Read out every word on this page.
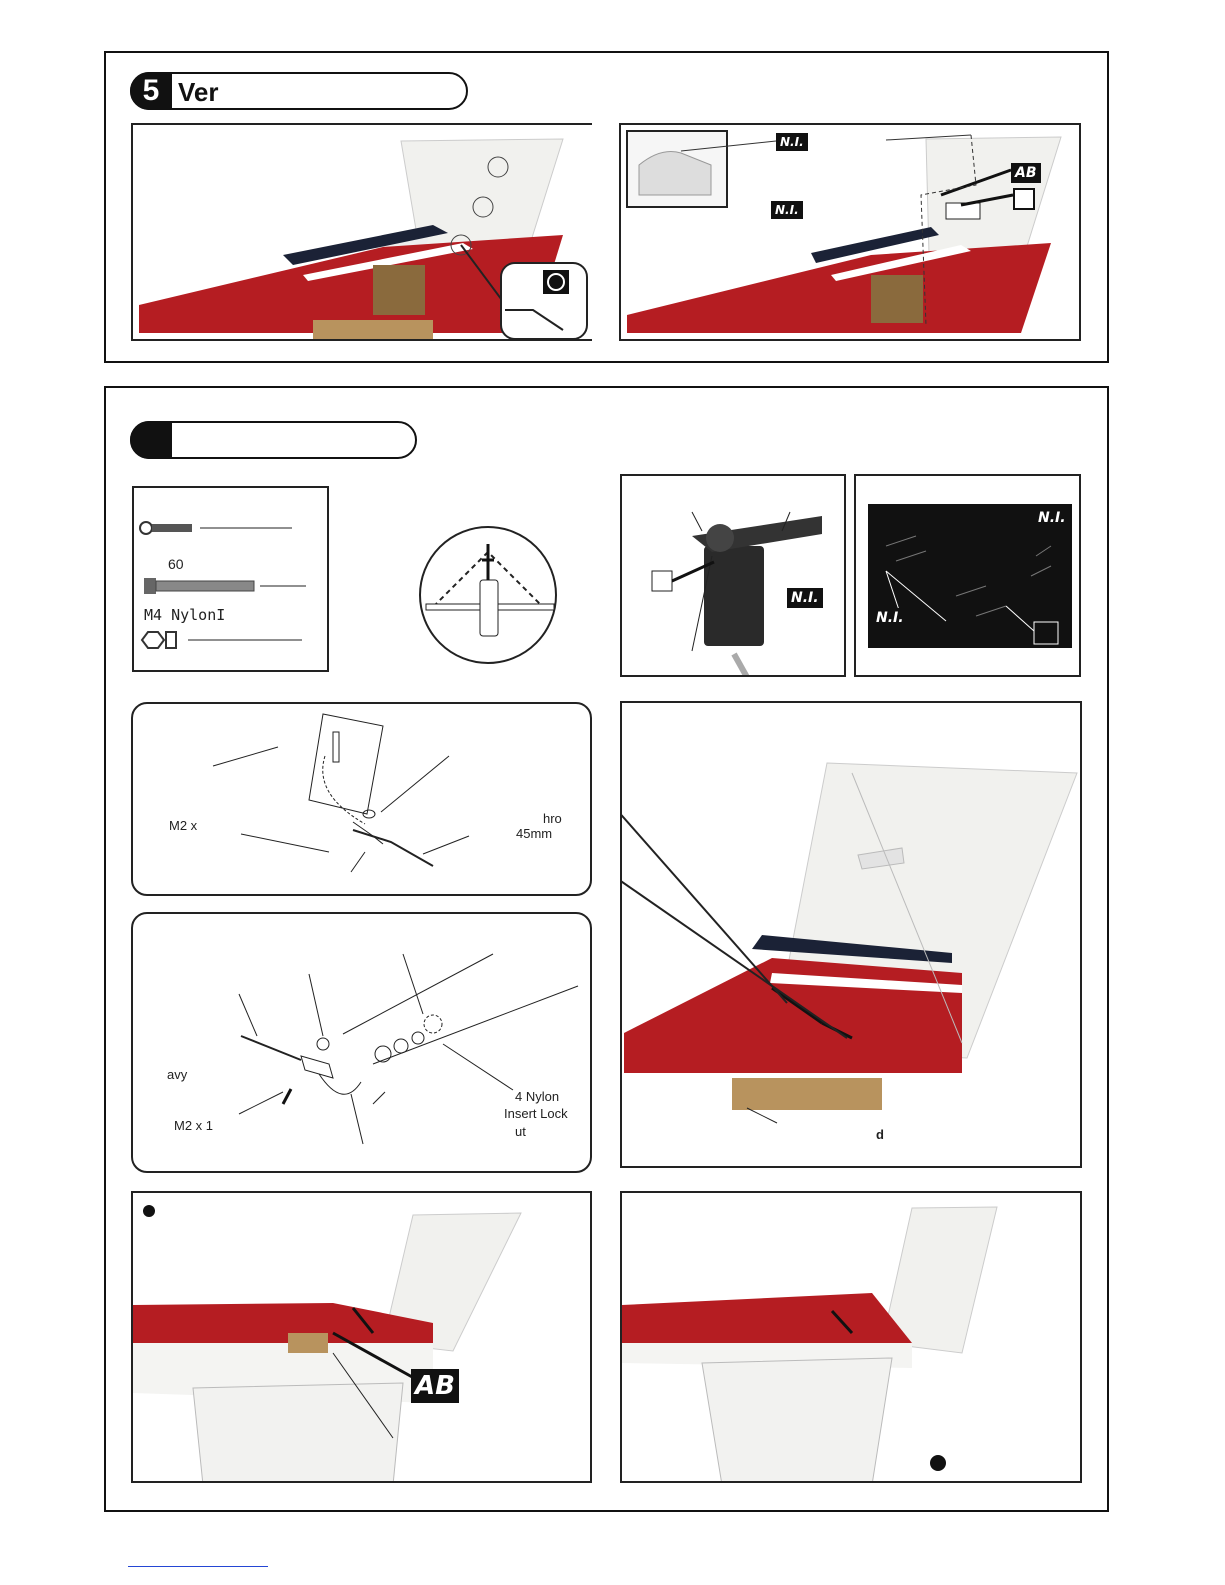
5 Ver
N.I.
N.I.
AB
60
M4 NylonI
N.I.
N.I.
N.I.
M2 x	hro
45mm
avy
4 Nylon
Insert Lock
ut
M2 x 1
d
AB
